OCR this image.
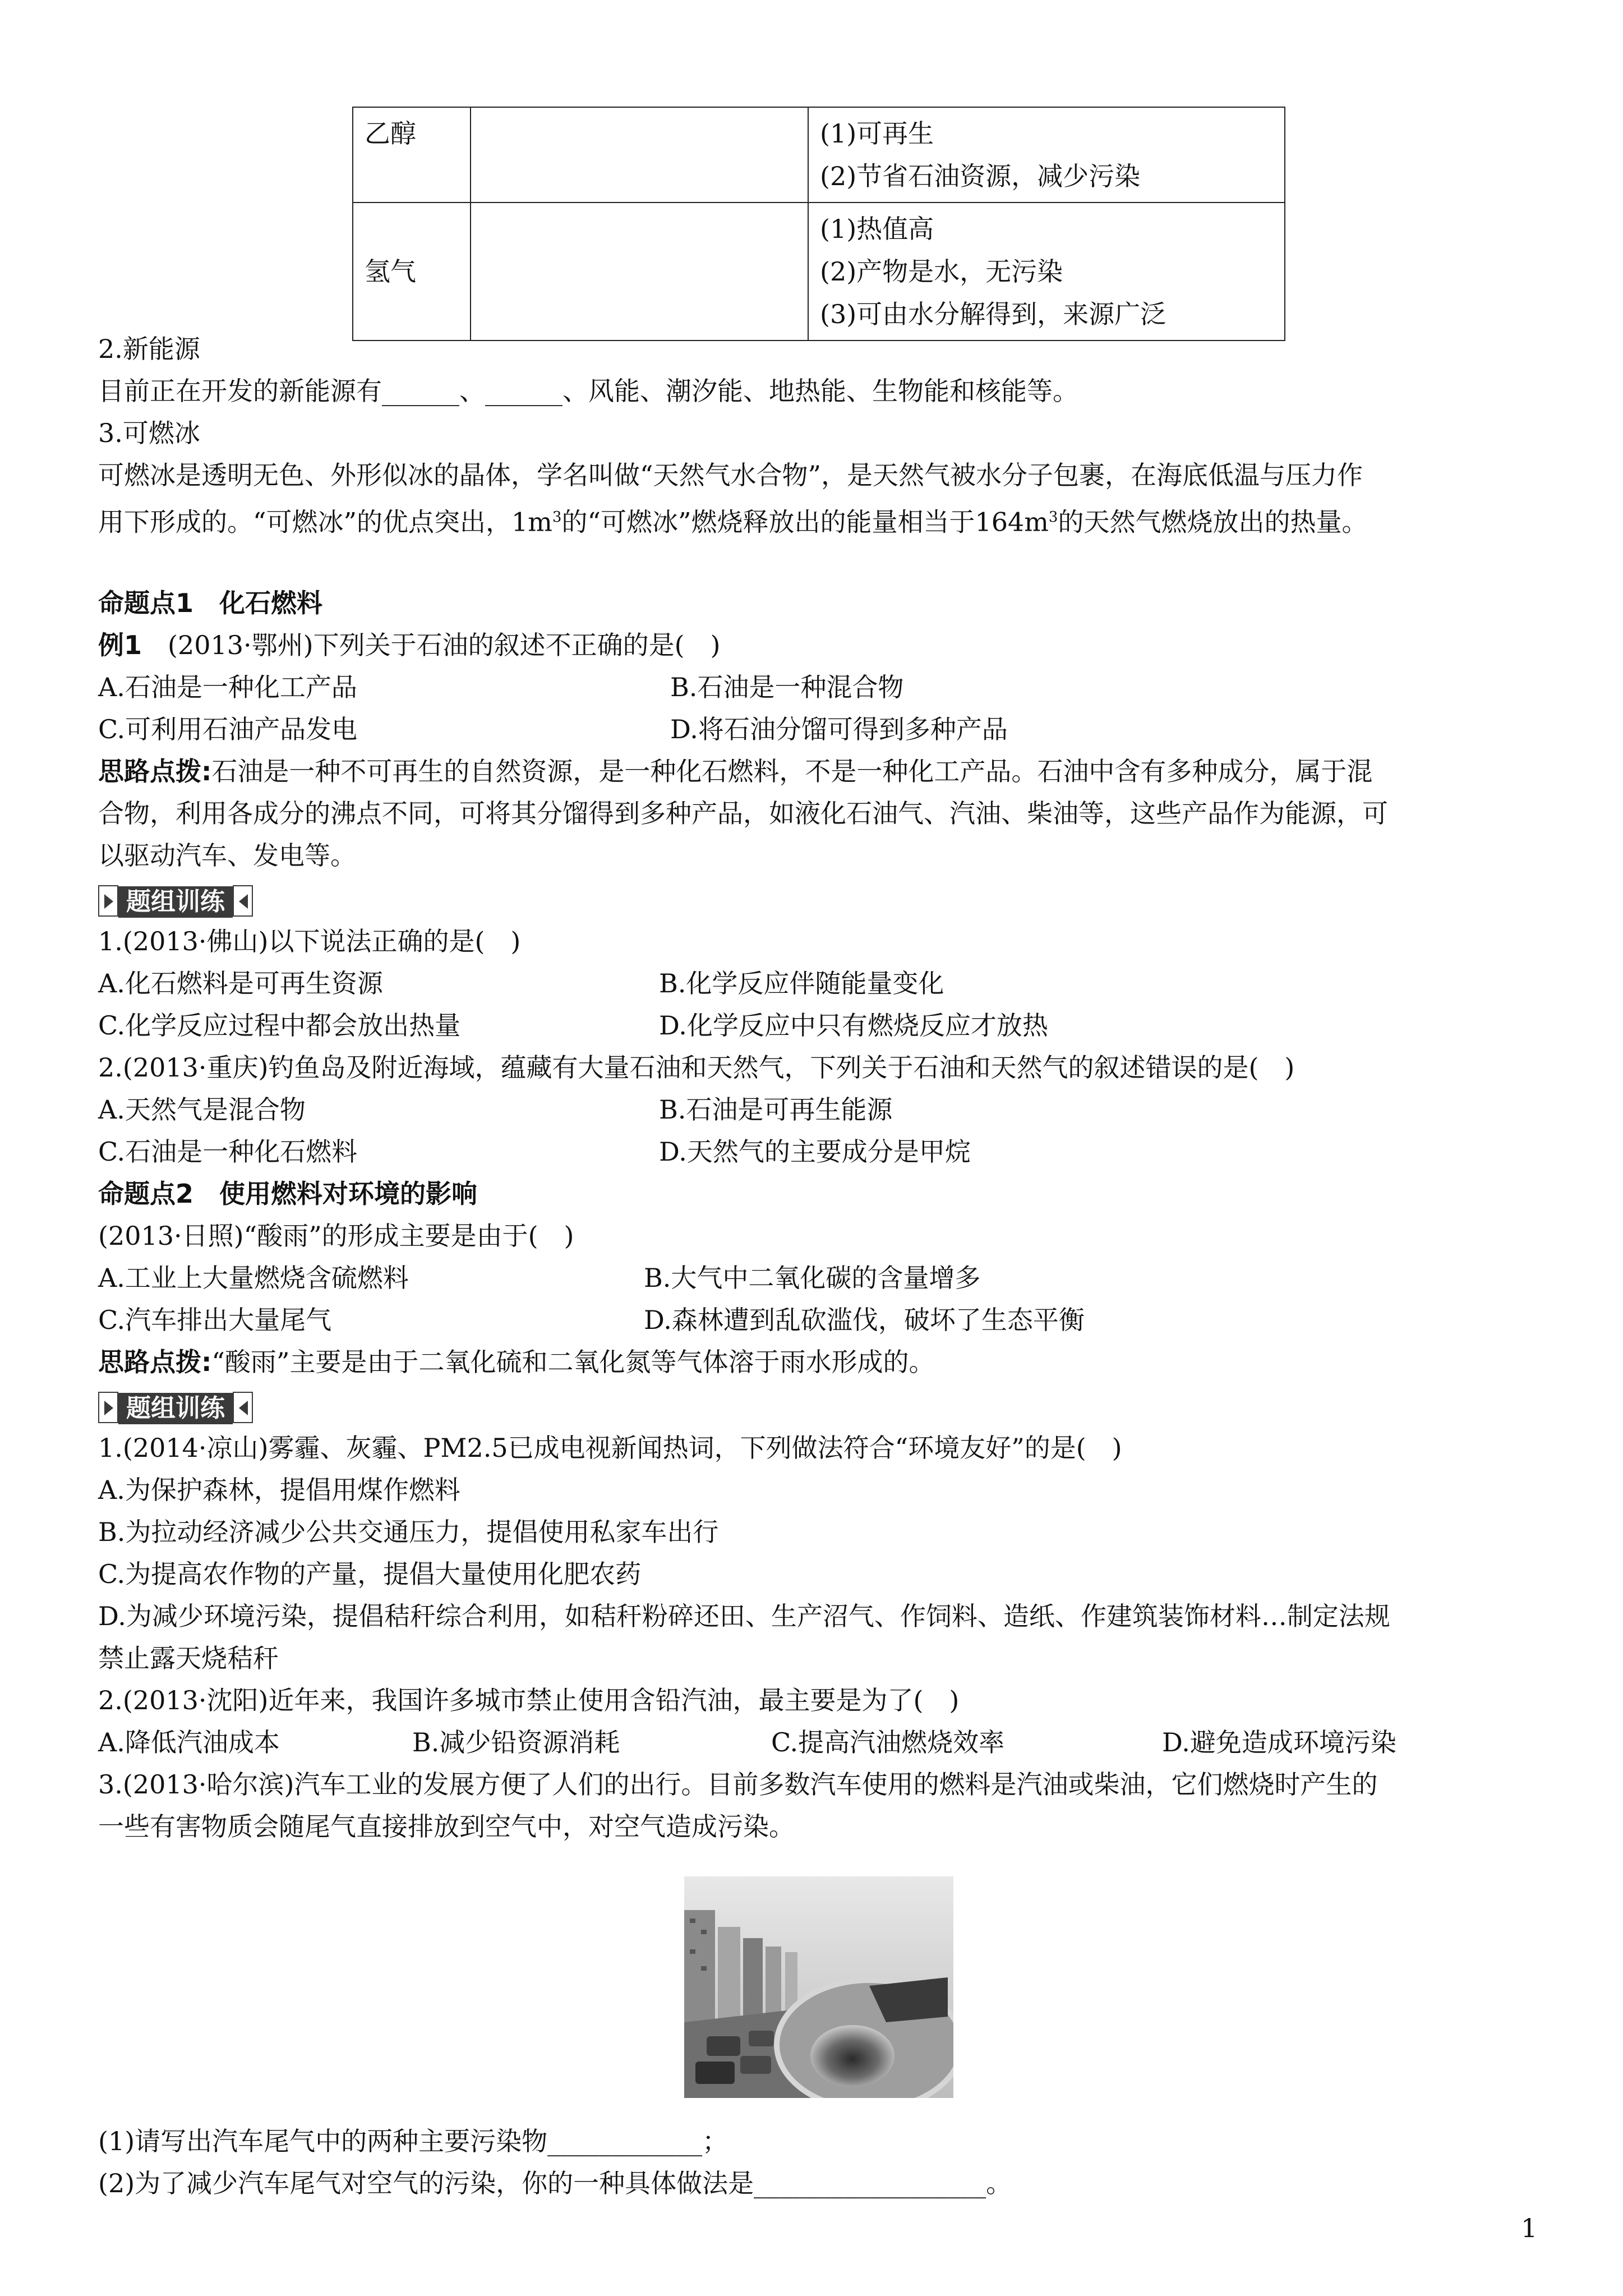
乙醇		(1)可再生
(2)节省石油资源，减少污染

氢气		(1)热值高
(2)产物是水，无污染
(3)可由水分解得到，来源广泛
2.新能源
目前正在开发的新能源有______、______、风能、潮汐能、地热能、生物能和核能等。
3.可燃冰
可燃冰是透明无色、外形似冰的晶体，学名叫做“天然气水合物”，是天然气被水分子包裹，在海底低温与压力作
用下形成的。“可燃冰”的优点突出，$1m^3$的“可燃冰”燃烧释放出的能量相当于$164m^3$的天然气燃烧放出的热量。
命题点1　化石燃料
例1　(2013·鄂州)下列关于石油的叙述不正确的是(　)
A.石油是一种化工产品	B.石油是一种混合物
C.可利用石油产品发电	D.将石油分馏可得到多种产品
思路点拨:石油是一种不可再生的自然资源，是一种化石燃料，不是一种化工产品。石油中含有多种成分，属于混
合物，利用各成分的沸点不同，可将其分馏得到多种产品，如液化石油气、汽油、柴油等，这些产品作为能源，可
以驱动汽车、发电等。
题组训练
1.(2013·佛山)以下说法正确的是(　)
A.化石燃料是可再生资源	B.化学反应伴随能量变化
C.化学反应过程中都会放出热量	D.化学反应中只有燃烧反应才放热
2.(2013·重庆)钓鱼岛及附近海域，蕴藏有大量石油和天然气，下列关于石油和天然气的叙述错误的是(　)
A.天然气是混合物	B.石油是可再生能源
C.石油是一种化石燃料	D.天然气的主要成分是甲烷
命题点2　使用燃料对环境的影响
(2013·日照)“酸雨”的形成主要是由于(　)
A.工业上大量燃烧含硫燃料	B.大气中二氧化碳的含量增多
C.汽车排出大量尾气	D.森林遭到乱砍滥伐，破坏了生态平衡
思路点拨:“酸雨”主要是由于二氧化硫和二氧化氮等气体溶于雨水形成的。
题组训练
1.(2014·凉山)雾霾、灰霾、PM2.5已成电视新闻热词，下列做法符合“环境友好”的是(　)
A.为保护森林，提倡用煤作燃料
B.为拉动经济减少公共交通压力，提倡使用私家车出行
C.为提高农作物的产量，提倡大量使用化肥农药
D.为减少环境污染，提倡秸秆综合利用，如秸秆粉碎还田、生产沼气、作饲料、造纸、作建筑装饰材料…制定法规
禁止露天烧秸秆
2.(2013·沈阳)近年来，我国许多城市禁止使用含铅汽油，最主要是为了(　)
A.降低汽油成本	B.减少铅资源消耗	C.提高汽油燃烧效率	D.避免造成环境污染
3.(2013·哈尔滨)汽车工业的发展方便了人们的出行。目前多数汽车使用的燃料是汽油或柴油，它们燃烧时产生的
一些有害物质会随尾气直接排放到空气中，对空气造成污染。
(1)请写出汽车尾气中的两种主要污染物____________；
(2)为了减少汽车尾气对空气的污染，你的一种具体做法是__________________。
1
